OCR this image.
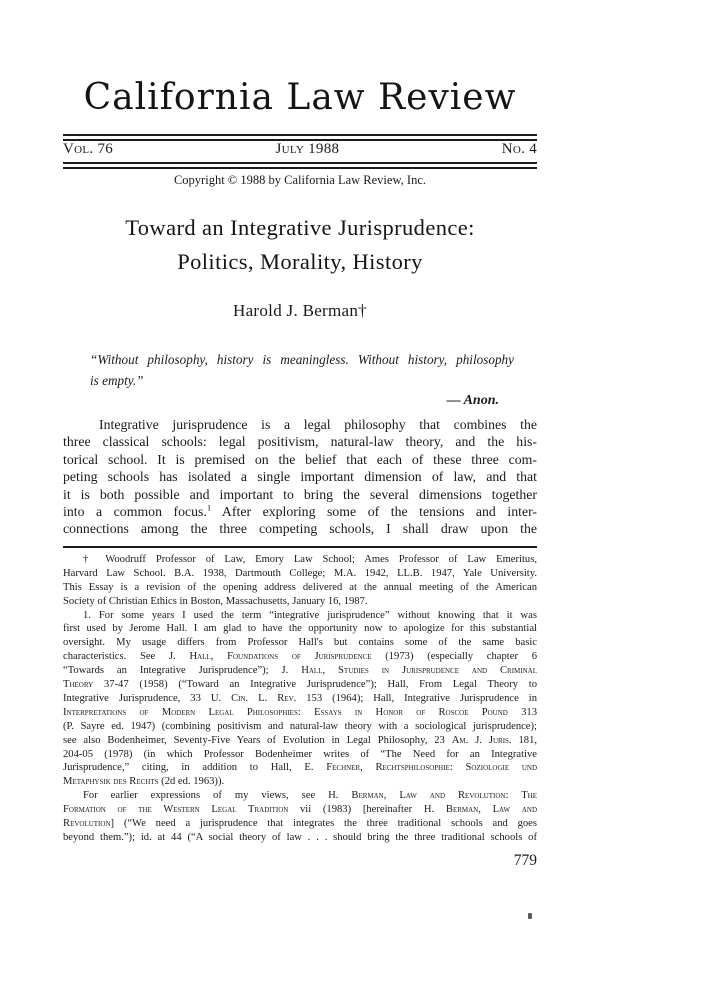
California Law Review
Vol. 76	July 1988	No. 4
Copyright © 1988 by California Law Review, Inc.
Toward an Integrative Jurisprudence:
Politics, Morality, History
Harold J. Berman†
“Without philosophy, history is meaningless. Without history, philosophy
is empty.”
— Anon.
Integrative jurisprudence is a legal philosophy that combines the
three classical schools: legal positivism, natural-law theory, and the his-
torical school. It is premised on the belief that each of these three com-
peting schools has isolated a single important dimension of law, and that
it is both possible and important to bring the several dimensions together
into a common focus.$^1$ After exploring some of the tensions and inter-
connections among the three competing schools, I shall draw upon the
† Woodruff Professor of Law, Emory Law School; Ames Professor of Law Emeritus,
Harvard Law School. B.A. 1938, Dartmouth College; M.A. 1942, LL.B. 1947, Yale University.
This Essay is a revision of the opening address delivered at the annual meeting of the American
Society of Christian Ethics in Boston, Massachusetts, January 16, 1987.
1. For some years I used the term “integrative jurisprudence” without knowing that it was
first used by Jerome Hall. I am glad to have the opportunity now to apologize for this substantial
oversight. My usage differs from Professor Hall's but contains some of the same basic
characteristics. See J. Hall, Foundations of Jurisprudence (1973) (especially chapter 6
“Towards an Integrative Jurisprudence”); J. Hall, Studies in Jurisprudence and Criminal
Theory 37-47 (1958) (“Toward an Integrative Jurisprudence”); Hall, From Legal Theory to
Integrative Jurisprudence, 33 U. Cin. L. Rev. 153 (1964); Hall, Integrative Jurisprudence in
Interpretations of Modern Legal Philosophies: Essays in Honor of Roscoe Pound 313
(P. Sayre ed. 1947) (combining positivism and natural-law theory with a sociological jurisprudence);
see also Bodenheimer, Seventy-Five Years of Evolution in Legal Philosophy, 23 Am. J. Juris. 181,
204-05 (1978) (in which Professor Bodenheimer writes of “The Need for an Integrative
Jurisprudence,” citing, in addition to Hall, E. Fechner, Rechtsphilosophie: Soziologie und
Metaphysik des Rechts (2d ed. 1963)).
For earlier expressions of my views, see H. Berman, Law and Revolution: The
Formation of the Western Legal Tradition vii (1983) [hereinafter H. Berman, Law and
Revolution] (“We need a jurisprudence that integrates the three traditional schools and goes
beyond them.”); id. at 44 (“A social theory of law . . . should bring the three traditional schools of
779
